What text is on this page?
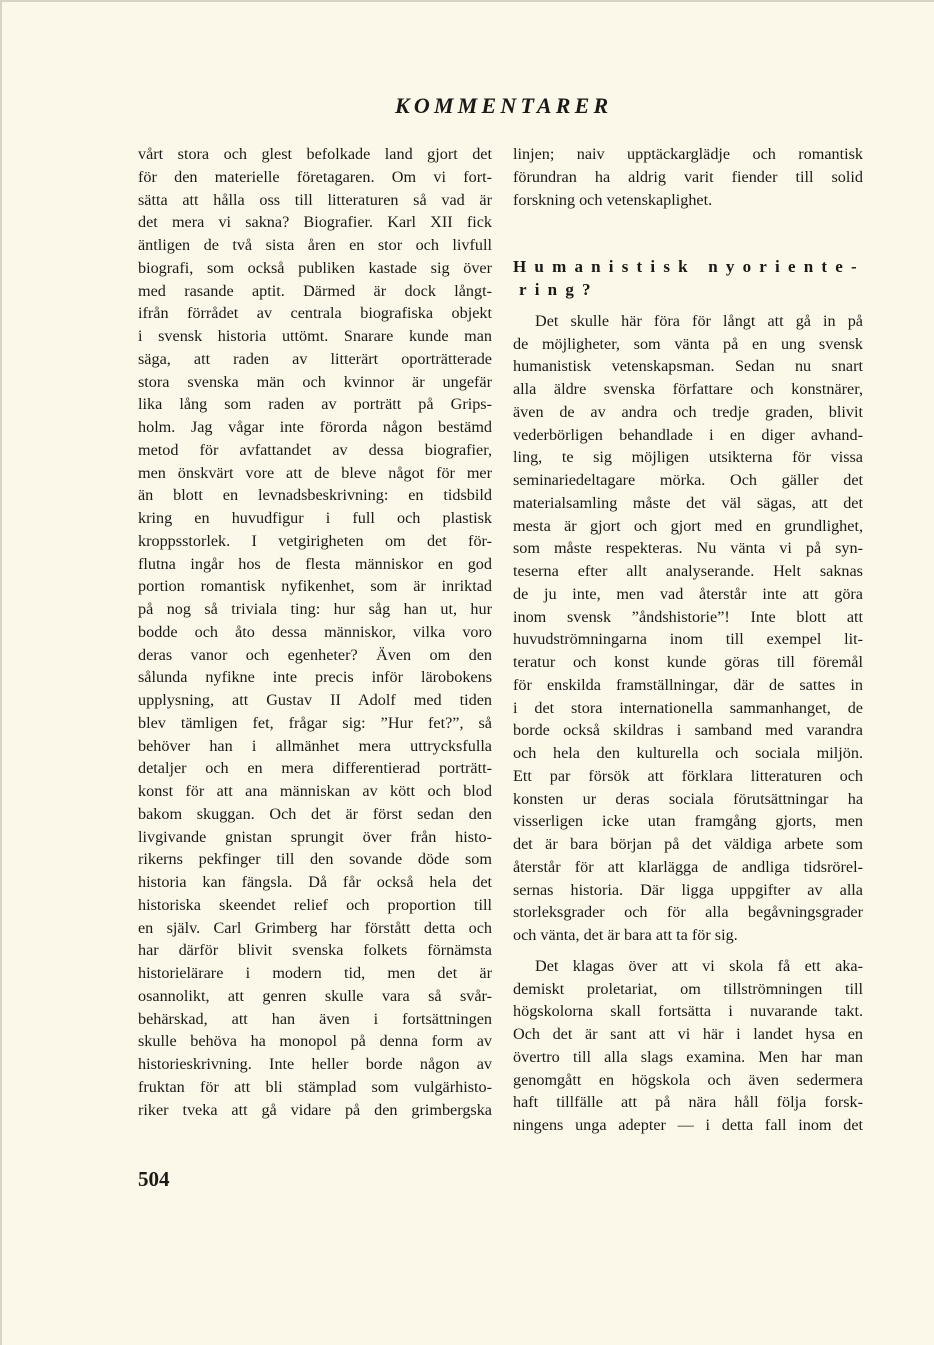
KOMMENTARER
vårt stora och glest befolkade land gjort det
för den materielle företagaren. Om vi fort-
sätta att hålla oss till litteraturen så vad är
det mera vi sakna? Biografier. Karl XII fick
äntligen de två sista åren en stor och livfull
biografi, som också publiken kastade sig över
med rasande aptit. Därmed är dock långt-
ifrån förrådet av centrala biografiska objekt
i svensk historia uttömt. Snarare kunde man
säga, att raden av litterärt oporträtterade
stora svenska män och kvinnor är ungefär
lika lång som raden av porträtt på Grips-
holm. Jag vågar inte förorda någon bestämd
metod för avfattandet av dessa biografier,
men önskvärt vore att de bleve något för mer
än blott en levnadsbeskrivning: en tidsbild
kring en huvudfigur i full och plastisk
kroppsstorlek. I vetgirigheten om det för-
flutna ingår hos de flesta människor en god
portion romantisk nyfikenhet, som är inriktad
på nog så triviala ting: hur såg han ut, hur
bodde och åto dessa människor, vilka voro
deras vanor och egenheter? Även om den
sålunda nyfikne inte precis inför lärobokens
upplysning, att Gustav II Adolf med tiden
blev tämligen fet, frågar sig: ”Hur fet?”, så
behöver han i allmänhet mera uttrycksfulla
detaljer och en mera differentierad porträtt-
konst för att ana människan av kött och blod
bakom skuggan. Och det är först sedan den
livgivande gnistan sprungit över från histo-
rikerns pekfinger till den sovande döde som
historia kan fängsla. Då får också hela det
historiska skeendet relief och proportion till
en själv. Carl Grimberg har förstått detta och
har därför blivit svenska folkets förnämsta
historielärare i modern tid, men det är
osannolikt, att genren skulle vara så svår-
behärskad, att han även i fortsättningen
skulle behöva ha monopol på denna form av
historieskrivning. Inte heller borde någon av
fruktan för att bli stämplad som vulgärhisto-
riker tveka att gå vidare på den grimbergska
linjen; naiv upptäckarglädje och romantisk
förundran ha aldrig varit fiender till solid
forskning och vetenskaplighet.
Humanistisk nyoriente-
ring?
Det skulle här föra för långt att gå in på
de möjligheter, som vänta på en ung svensk
humanistisk vetenskapsman. Sedan nu snart
alla äldre svenska författare och konstnärer,
även de av andra och tredje graden, blivit
vederbörligen behandlade i en diger avhand-
ling, te sig möjligen utsikterna för vissa
seminariedeltagare mörka. Och gäller det
materialsamling måste det väl sägas, att det
mesta är gjort och gjort med en grundlighet,
som måste respekteras. Nu vänta vi på syn-
teserna efter allt analyserande. Helt saknas
de ju inte, men vad återstår inte att göra
inom svensk ”åndshistorie”! Inte blott att
huvudströmningarna inom till exempel lit-
teratur och konst kunde göras till föremål
för enskilda framställningar, där de sattes in
i det stora internationella sammanhanget, de
borde också skildras i samband med varandra
och hela den kulturella och sociala miljön.
Ett par försök att förklara litteraturen och
konsten ur deras sociala förutsättningar ha
visserligen icke utan framgång gjorts, men
det är bara början på det väldiga arbete som
återstår för att klarlägga de andliga tidsrörel-
sernas historia. Där ligga uppgifter av alla
storleksgrader och för alla begåvningsgrader
och vänta, det är bara att ta för sig.
Det klagas över att vi skola få ett aka-
demiskt proletariat, om tillströmningen till
högskolorna skall fortsätta i nuvarande takt.
Och det är sant att vi här i landet hysa en
övertro till alla slags examina. Men har man
genomgått en högskola och även sedermera
haft tillfälle att på nära håll följa forsk-
ningens unga adepter — i detta fall inom det
504
